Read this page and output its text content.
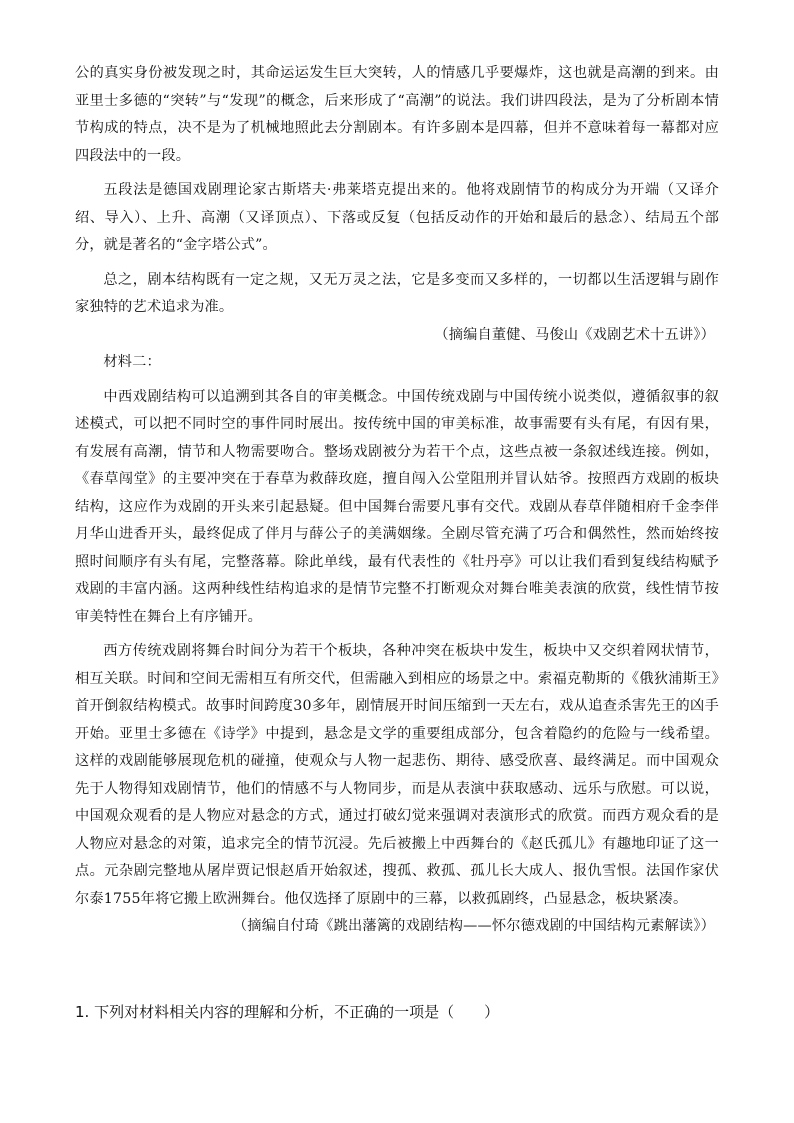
公的真实身份被发现之时，其命运运发生巨大突转，人的情感几乎要爆炸，这也就是高潮的到来。由亚里士多德的“突转”与“发现”的概念，后来形成了“高潮”的说法。我们讲四段法，是为了分析剧本情节构成的特点，决不是为了机械地照此去分割剧本。有许多剧本是四幕，但并不意味着每一幕都对应四段法中的一段。

五段法是德国戏剧理论家古斯塔夫·弗莱塔克提出来的。他将戏剧情节的构成分为开端（又译介绍、导入）、上升、高潮（又译顶点）、下落或反复（包括反动作的开始和最后的悬念）、结局五个部分，就是著名的“金字塔公式”。

总之，剧本结构既有一定之规，又无万灵之法，它是多变而又多样的，一切都以生活逻辑与剧作家独特的艺术追求为准。

（摘编自董健、马俊山《戏剧艺术十五讲》）

材料二：

中西戏剧结构可以追溯到其各自的审美概念。中国传统戏剧与中国传统小说类似，遵循叙事的叙述模式，可以把不同时空的事件同时展出。按传统中国的审美标准，故事需要有头有尾，有因有果，有发展有高潮，情节和人物需要吻合。整场戏剧被分为若干个点，这些点被一条叙述线连接。例如，《春草闯堂》的主要冲突在于春草为救薛玫庭，擅自闯入公堂阻刑并冒认姑爷。按照西方戏剧的板块结构，这应作为戏剧的开头来引起悬疑。但中国舞台需要凡事有交代。戏剧从春草伴随相府千金李伴月华山进香开头，最终促成了伴月与薛公子的美满姻缘。全剧尽管充满了巧合和偶然性，然而始终按照时间顺序有头有尾，完整落幕。除此单线，最有代表性的《牡丹亭》可以让我们看到复线结构赋予戏剧的丰富内涵。这两种线性结构追求的是情节完整不打断观众对舞台唯美表演的欣赏，线性情节按审美特性在舞台上有序铺开。

西方传统戏剧将舞台时间分为若干个板块，各种冲突在板块中发生，板块中又交织着网状情节，相互关联。时间和空间无需相互有所交代，但需融入到相应的场景之中。索福克勒斯的《俄狄浦斯王》首开倒叙结构模式。故事时间跨度30多年，剧情展开时间压缩到一天左右，戏从追查杀害先王的凶手开始。亚里士多德在《诗学》中提到，悬念是文学的重要组成部分，包含着隐约的危险与一线希望。这样的戏剧能够展现危机的碰撞，使观众与人物一起悲伤、期待、感受欣喜、最终满足。而中国观众先于人物得知戏剧情节，他们的情感不与人物同步，而是从表演中获取感动、远乐与欣慰。可以说，中国观众观看的是人物应对悬念的方式，通过打破幻觉来强调对表演形式的欣赏。而西方观众看的是人物应对悬念的对策，追求完全的情节沉浸。先后被搬上中西舞台的《赵氏孤儿》有趣地印证了这一点。元杂剧完整地从屠岸贾记恨赵盾开始叙述，搜孤、救孤、孤儿长大成人、报仇雪恨。法国作家伏尔泰1755年将它搬上欧洲舞台。他仅选择了原剧中的三幕，以救孤剧终，凸显悬念，板块紧凑。

（摘编自付琦《跳出藩篱的戏剧结构——怀尔德戏剧的中国结构元素解读》）

1. 下列对材料相关内容的理解和分析，不正确的一项是（　　）
